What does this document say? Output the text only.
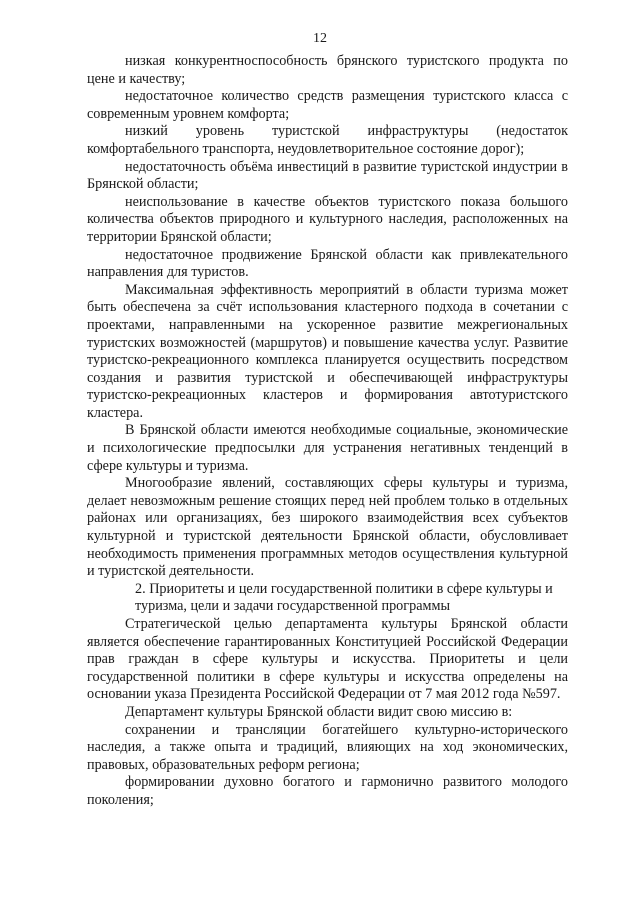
12

низкая конкурентноспособность брянского туристского продукта по цене и качеству;

недостаточное количество средств размещения туристского класса с современным уровнем комфорта;

низкий уровень туристской инфраструктуры (недостаток комфортабельного транспорта, неудовлетворительное состояние дорог);

недостаточность объёма инвестиций в развитие туристской индустрии в Брянской области;

неиспользование в качестве объектов туристского показа большого количества объектов природного и культурного наследия, расположенных на территории Брянской области;

недостаточное продвижение Брянской области как привлекательного направления для туристов.

Максимальная эффективность мероприятий в области туризма может быть обеспечена за счёт использования кластерного подхода в сочетании с проектами, направленными на ускоренное развитие межрегиональных туристских возможностей (маршрутов) и повышение качества услуг. Развитие туристско-рекреационного комплекса планируется осуществить посредством создания и развития туристской и обеспечивающей инфраструктуры туристско-рекреационных кластеров и формирования автотуристского кластера.

В Брянской области имеются необходимые социальные, экономические и психологические предпосылки для устранения негативных тенденций в сфере культуры и туризма.

Многообразие явлений, составляющих сферы культуры и туризма, делает невозможным решение стоящих перед ней проблем только в отдельных районах или организациях, без широкого взаимодействия всех субъектов культурной и туристской деятельности Брянской области, обусловливает необходимость применения программных методов осуществления культурной и туристской деятельности.

2. Приоритеты и цели государственной политики в сфере культуры и
туризма, цели и задачи государственной программы

Стратегической целью департамента культуры Брянской области является обеспечение гарантированных Конституцией Российской Федерации прав граждан в сфере культуры и искусства. Приоритеты и цели государственной политики в сфере культуры и искусства определены на основании указа Президента Российской Федерации от 7 мая 2012 года №597.

Департамент культуры Брянской области видит свою миссию в:

сохранении и трансляции богатейшего культурно-исторического наследия, а также опыта и традиций, влияющих на ход экономических, правовых, образовательных реформ региона;

формировании духовно богатого и гармонично развитого молодого поколения;
